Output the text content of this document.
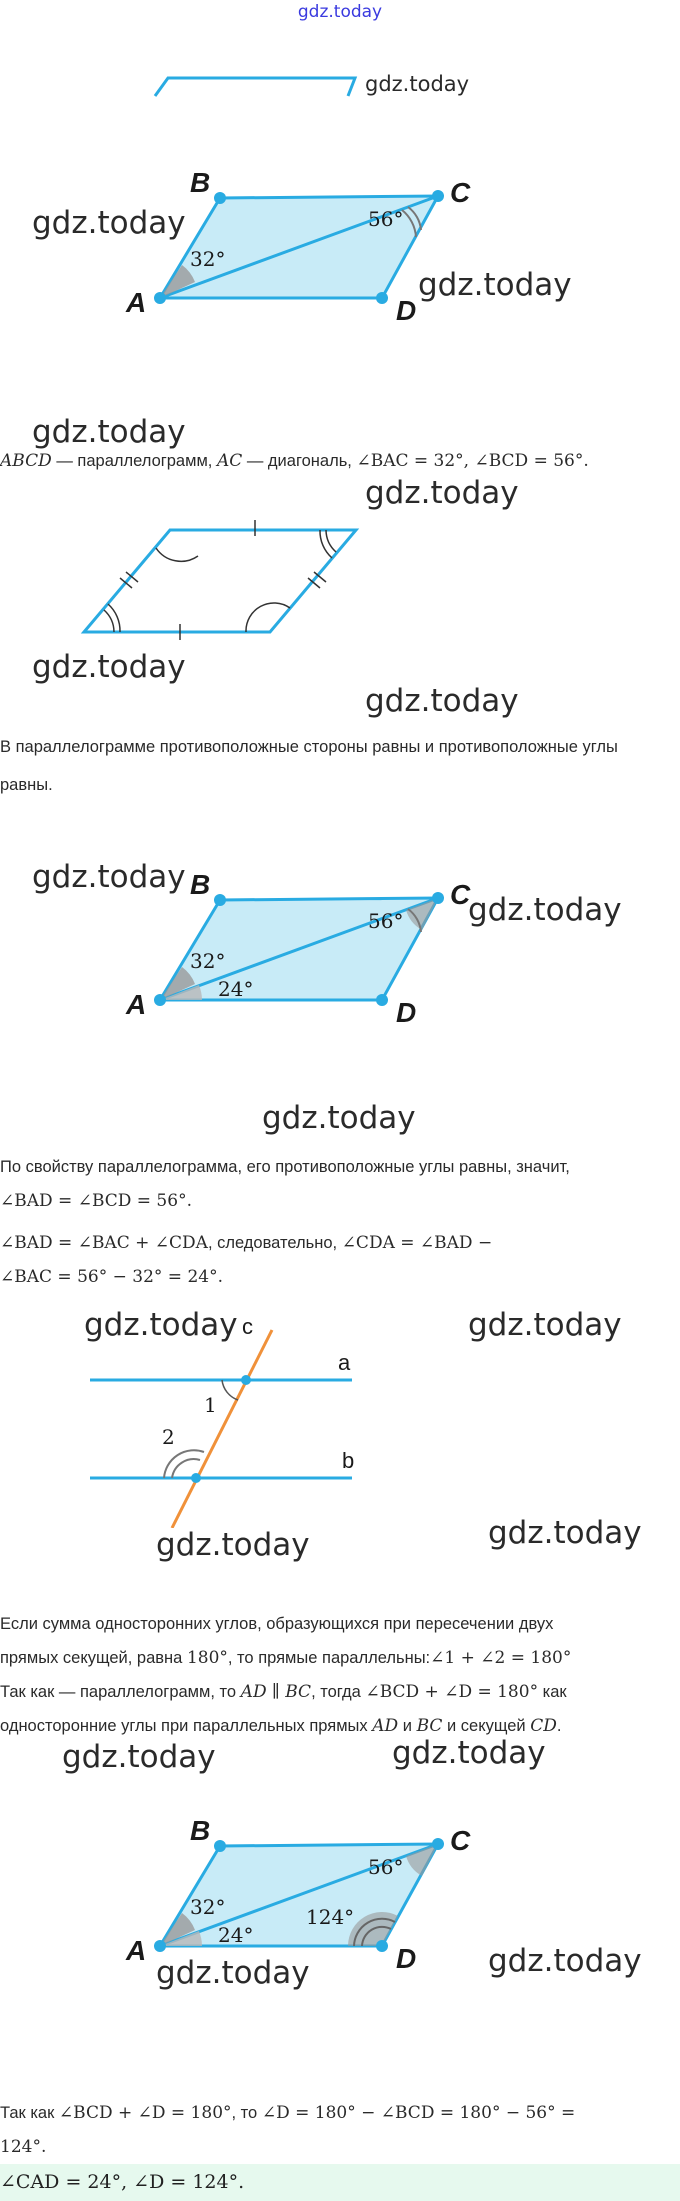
gdz.today
gdz.today
A
B	C
D
32°
56°
gdz.today
gdz.today
gdz.today
ABCD — параллелограмм, AC — диагональ, ∠BAC = 32°, ∠BCD = 56°.
gdz.today
gdz.today
gdz.today
В параллелограмме противоположные стороны равны и противоположные углы равны.
A
B	C
D
32°
56°
24°
gdz.today
gdz.today
gdz.today
По свойству параллелограмма, его противоположные углы равны, значит,
∠BAD = ∠BCD = 56°.
∠BAD = ∠BAC + ∠CDA, следовательно, ∠CDA = ∠BAD −
∠BAC = 56° − 32° = 24°.
c
a
b
1
2
gdz.today	gdz.today
gdz.today
gdz.today
Если сумма односторонних углов, образующихся при пересечении двух
прямых секущей, равна 180°, то прямые параллельны:∠1 + ∠2 = 180°
Так как — параллелограмм, то AD ∥ BC, тогда ∠BCD + ∠D = 180° как
односторонние углы при параллельных прямых AD и BC и секущей CD.
gdz.today	gdz.today
A
B	C
D
32°
56°
24°
124°
gdz.today
gdz.today
Так как ∠BCD + ∠D = 180°, то ∠D = 180° − ∠BCD = 180° − 56° =
124°.
∠CAD = 24°, ∠D = 124°.
